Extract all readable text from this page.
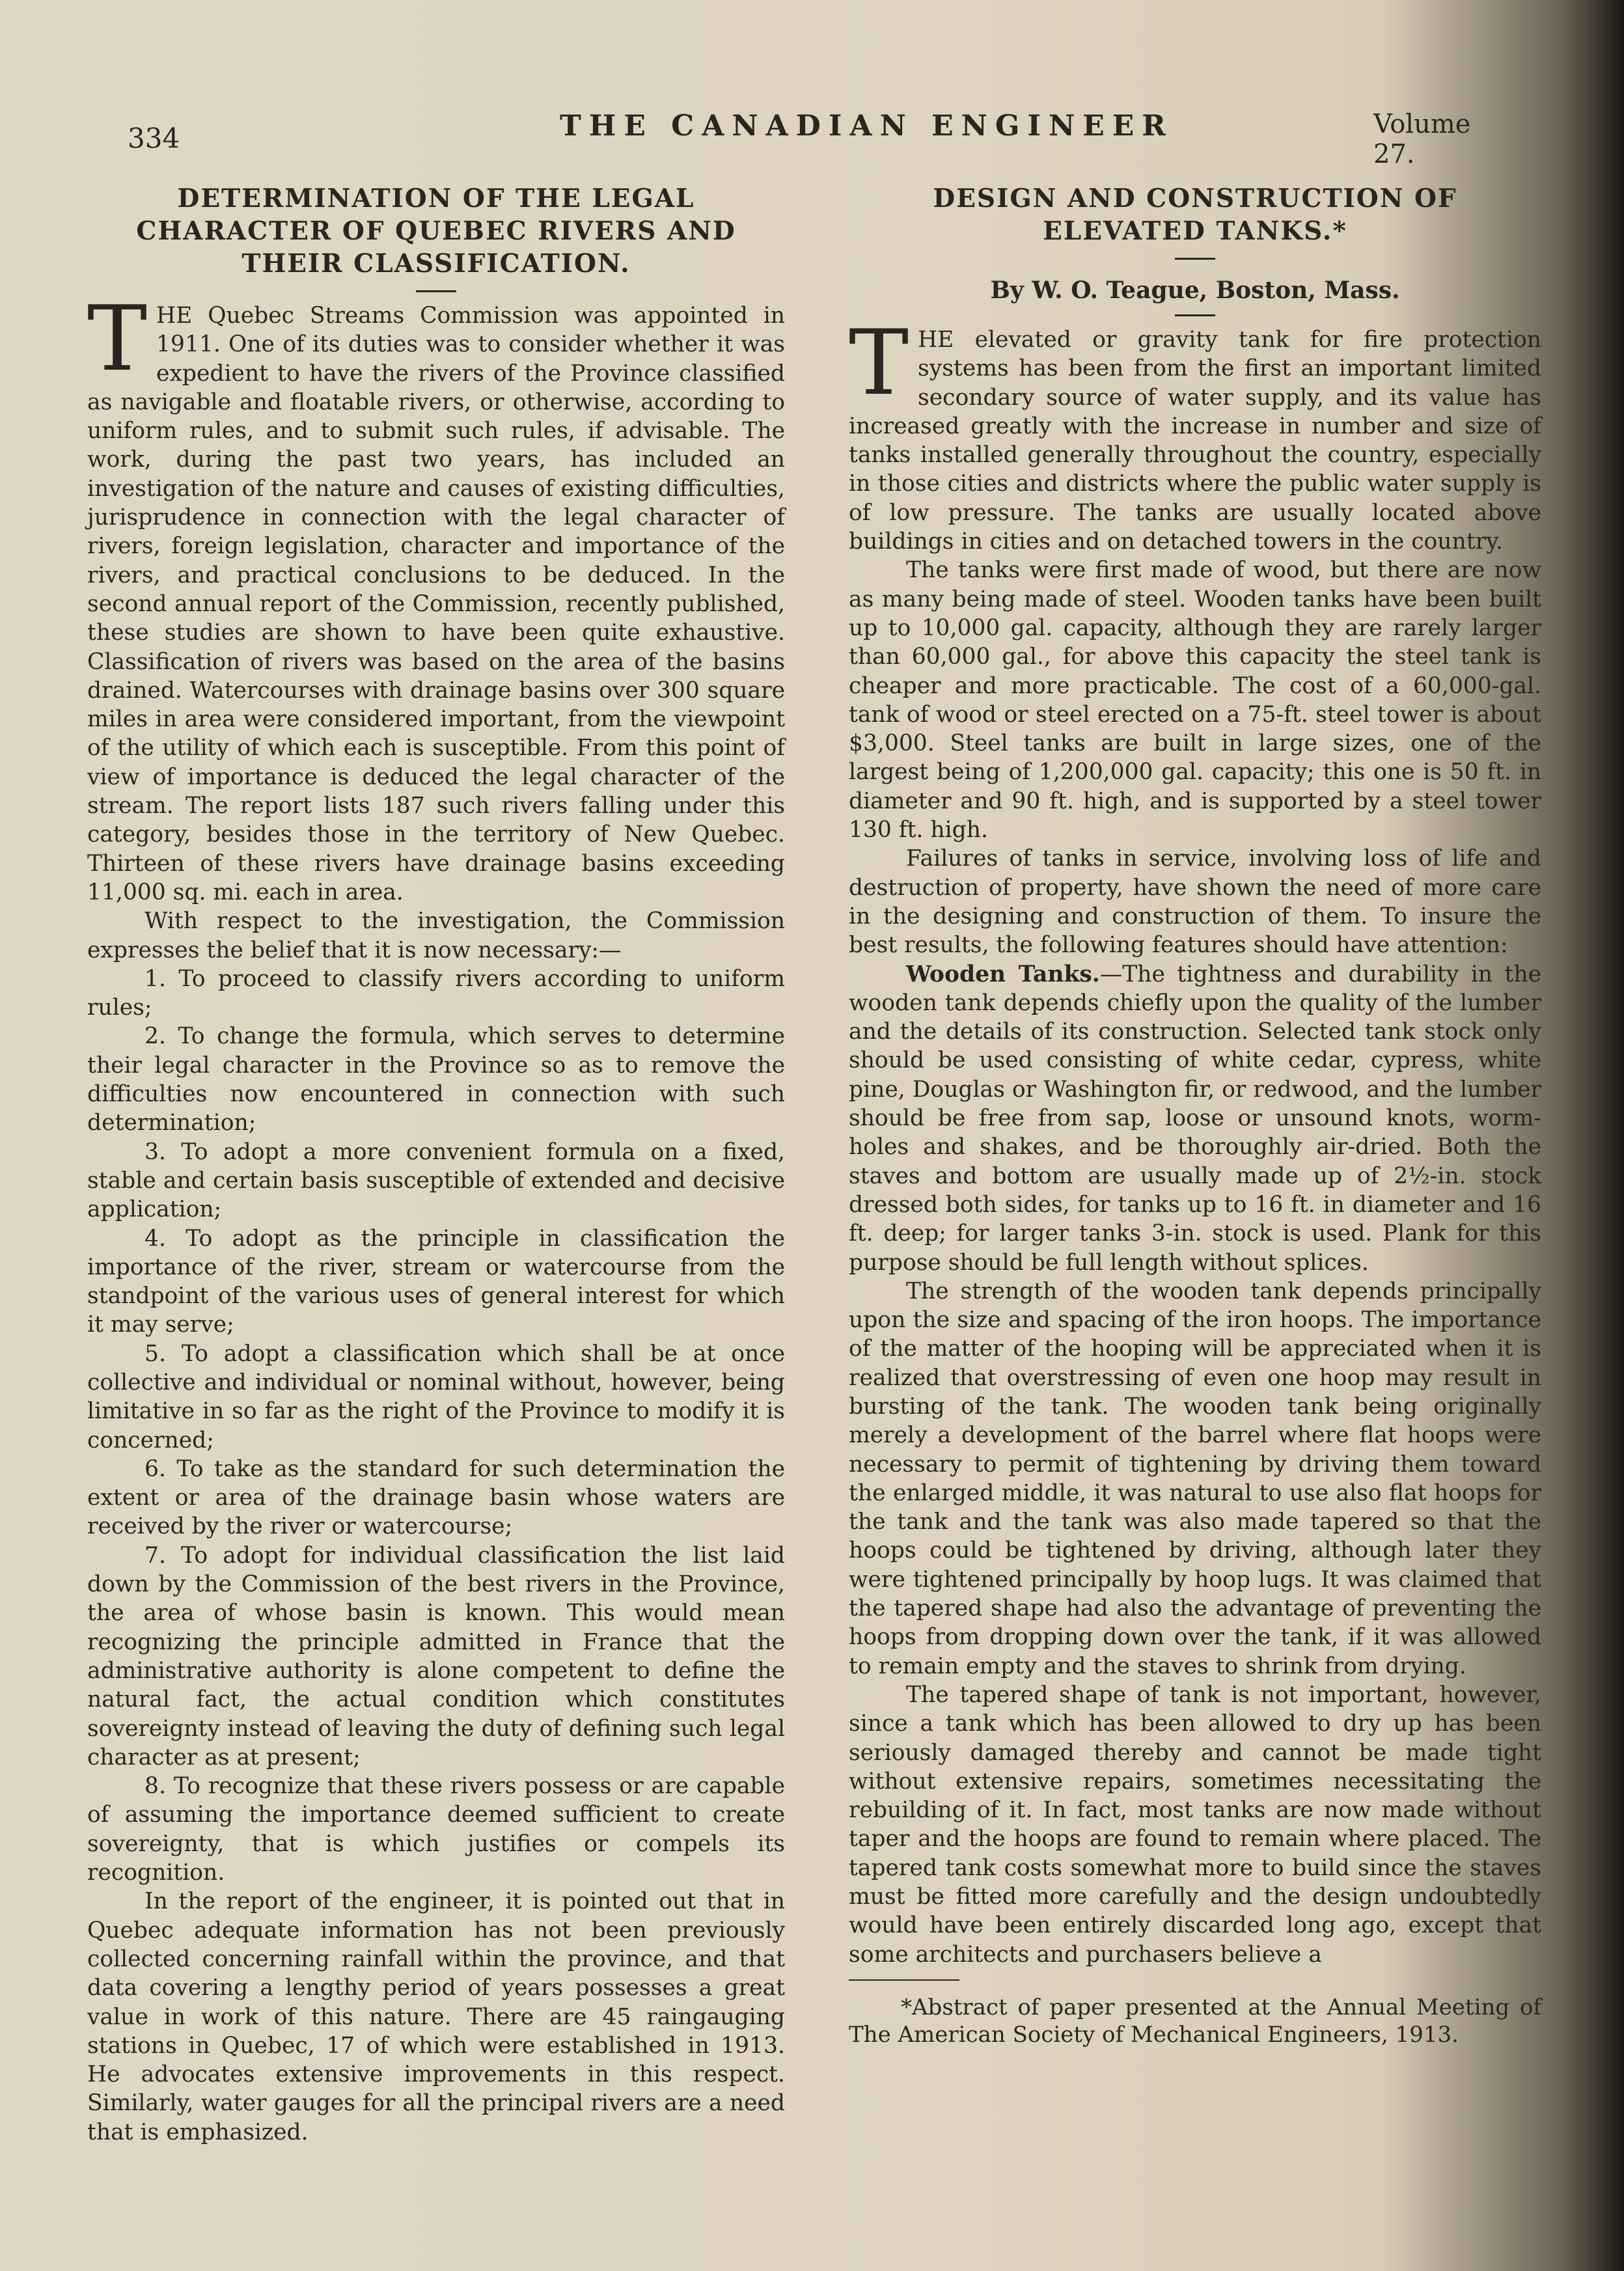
334	THE CANADIAN ENGINEER	Volume 27.
DETERMINATION OF THE LEGAL CHARACTER OF QUEBEC RIVERS AND THEIR CLASSIFICATION.

THE Quebec Streams Commission was appointed in 1911. One of its duties was to consider whether it was expedient to have the rivers of the Province classified as navigable and floatable rivers, or otherwise, according to uniform rules, and to submit such rules, if advisable. The work, during the past two years, has included an investigation of the nature and causes of existing difficulties, jurisprudence in connection with the legal character of rivers, foreign legislation, character and importance of the rivers, and practical conclusions to be deduced. In the second annual report of the Commission, recently published, these studies are shown to have been quite exhaustive. Classification of rivers was based on the area of the basins drained. Watercourses with drainage basins over 300 square miles in area were considered important, from the viewpoint of the utility of which each is susceptible. From this point of view of importance is deduced the legal character of the stream. The report lists 187 such rivers falling under this category, besides those in the territory of New Quebec. Thirteen of these rivers have drainage basins exceeding 11,000 sq. mi. each in area.

With respect to the investigation, the Commission expresses the belief that it is now necessary:—

1. To proceed to classify rivers according to uniform rules;

2. To change the formula, which serves to determine their legal character in the Province so as to remove the difficulties now encountered in connection with such determination;

3. To adopt a more convenient formula on a fixed, stable and certain basis susceptible of extended and decisive application;

4. To adopt as the principle in classification the importance of the river, stream or watercourse from the standpoint of the various uses of general interest for which it may serve;

5. To adopt a classification which shall be at once collective and individual or nominal without, however, being limitative in so far as the right of the Province to modify it is concerned;

6. To take as the standard for such determination the extent or area of the drainage basin whose waters are received by the river or watercourse;

7. To adopt for individual classification the list laid down by the Commission of the best rivers in the Province, the area of whose basin is known. This would mean recognizing the principle admitted in France that the administrative authority is alone competent to define the natural fact, the actual condition which constitutes sovereignty instead of leaving the duty of defining such legal character as at present;

8. To recognize that these rivers possess or are capable of assuming the importance deemed sufficient to create sovereignty, that is which justifies or compels its recognition.

In the report of the engineer, it is pointed out that in Quebec adequate information has not been previously collected concerning rainfall within the province, and that data covering a lengthy period of years possesses a great value in work of this nature. There are 45 raingauging stations in Quebec, 17 of which were established in 1913. He advocates extensive improvements in this respect. Similarly, water gauges for all the principal rivers are a need that is emphasized.

DESIGN AND CONSTRUCTION OF ELEVATED TANKS.*
By W. O. Teague, Boston, Mass.

THE elevated or gravity tank for fire protection systems has been from the first an important limited secondary source of water supply, and its value has increased greatly with the increase in number and size of tanks installed generally throughout the country, especially in those cities and districts where the public water supply is of low pressure. The tanks are usually located above buildings in cities and on detached towers in the country.

The tanks were first made of wood, but there are now as many being made of steel. Wooden tanks have been built up to 10,000 gal. capacity, although they are rarely larger than 60,000 gal., for above this capacity the steel tank is cheaper and more practicable. The cost of a 60,000-gal. tank of wood or steel erected on a 75-ft. steel tower is about $3,000. Steel tanks are built in large sizes, one of the largest being of 1,200,000 gal. capacity; this one is 50 ft. in diameter and 90 ft. high, and is supported by a steel tower 130 ft. high.

Failures of tanks in service, involving loss of life and destruction of property, have shown the need of more care in the designing and construction of them. To insure the best results, the following features should have attention:

Wooden Tanks.—The tightness and durability in the wooden tank depends chiefly upon the quality of the lumber and the details of its construction. Selected tank stock only should be used consisting of white cedar, cypress, white pine, Douglas or Washington fir, or redwood, and the lumber should be free from sap, loose or unsound knots, worm-holes and shakes, and be thoroughly air-dried. Both the staves and bottom are usually made up of 2½-in. stock dressed both sides, for tanks up to 16 ft. in diameter and 16 ft. deep; for larger tanks 3-in. stock is used. Plank for this purpose should be full length without splices.

The strength of the wooden tank depends principally upon the size and spacing of the iron hoops. The importance of the matter of the hooping will be appreciated when it is realized that overstressing of even one hoop may result in bursting of the tank. The wooden tank being originally merely a development of the barrel where flat hoops were necessary to permit of tightening by driving them toward the enlarged middle, it was natural to use also flat hoops for the tank and the tank was also made tapered so that the hoops could be tightened by driving, although later they were tightened principally by hoop lugs. It was claimed that the tapered shape had also the advantage of preventing the hoops from dropping down over the tank, if it was allowed to remain empty and the staves to shrink from drying.

The tapered shape of tank is not important, however, since a tank which has been allowed to dry up has been seriously damaged thereby and cannot be made tight without extensive repairs, sometimes necessitating the rebuilding of it. In fact, most tanks are now made without taper and the hoops are found to remain where placed. The tapered tank costs somewhat more to build since the staves must be fitted more carefully and the design undoubtedly would have been entirely discarded long ago, except that some architects and purchasers believe a

*Abstract of paper presented at the Annual Meeting of The American Society of Mechanical Engineers, 1913.
